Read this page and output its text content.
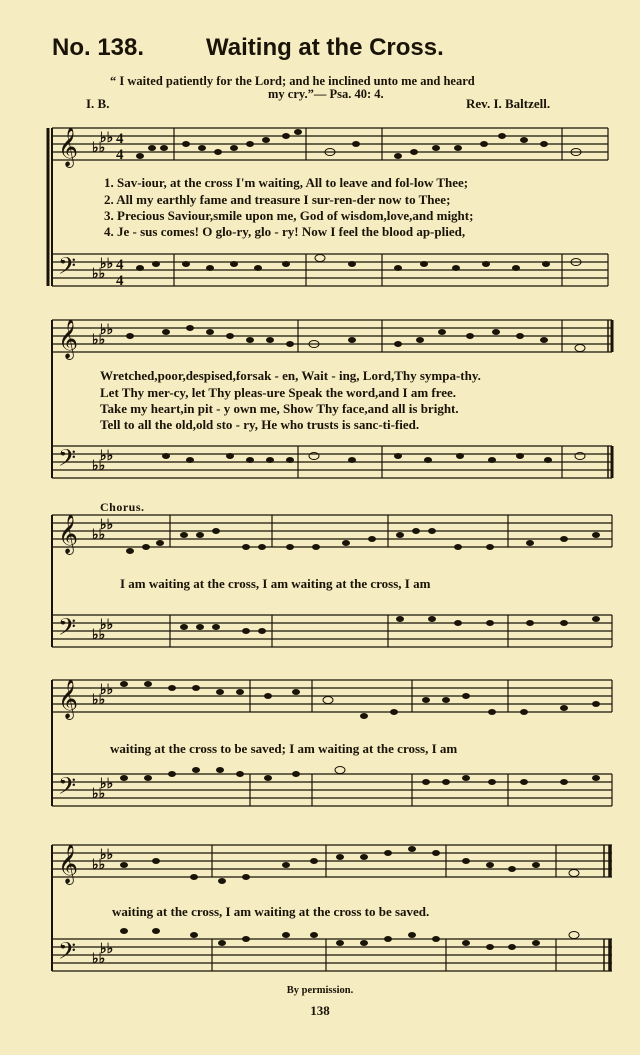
No. 138.	Waiting at the Cross.
“ I waited patiently for the Lord; and he inclined unto me and heard
my cry.”— Psa. 40: 4.
I. B.	Rev. I. Baltzell.
𝄞
𝄢
♭♭
♭♭
♭♭
♭♭
4
4
4
4
1. Sav-iour, at the cross I'm waiting, All to leave and fol-low Thee;
2. All my earthly fame and treasure I sur-ren-der now to Thee;
3. Precious Saviour,smile upon me, God of wisdom,love,and might;
4. Je - sus comes! O glo-ry, glo - ry! Now I feel the blood ap-plied,
𝄞
𝄢
♭♭
♭♭
♭♭
♭♭
Wretched,poor,despised,forsak - en, Wait - ing, Lord,Thy sympa-thy.
Let Thy mer-cy, let Thy pleas-ure Speak the word,and I am free.
Take my heart,in pit - y own me, Show Thy face,and all is bright.
Tell to all the old,old sto - ry, He who trusts is sanc-ti-fied.
Chorus.
𝄞
𝄢
♭♭
♭♭
♭♭
♭♭
I am waiting at the cross, I am waiting at the cross, I am
𝄞
𝄢
♭♭
♭♭
♭♭
♭♭
waiting at the cross to be saved; I am waiting at the cross, I am
𝄞
𝄢
♭♭
♭♭
♭♭
♭♭
waiting at the cross, I am waiting at the cross to be saved.
By permission.
138
